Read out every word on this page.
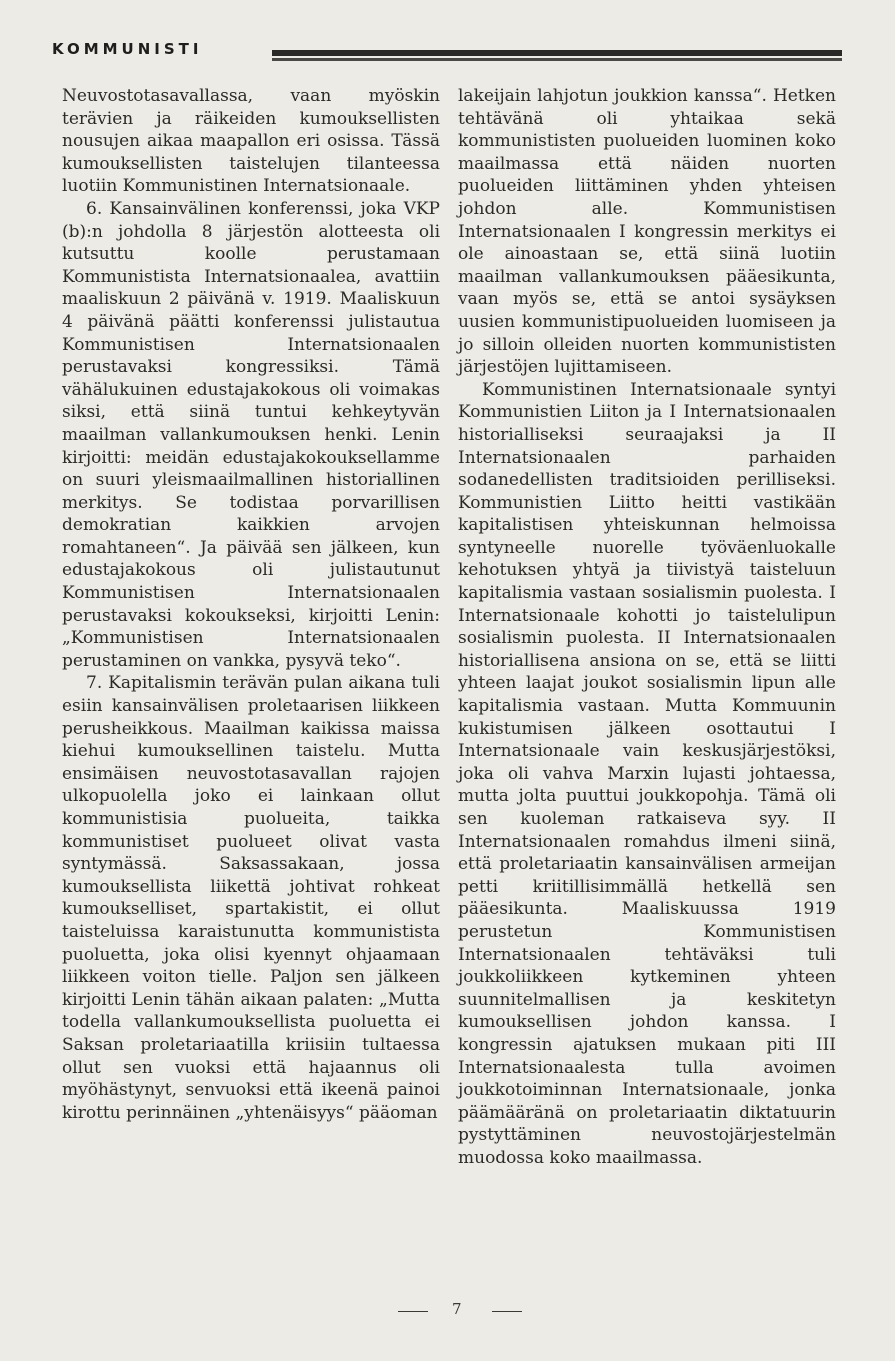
KOMMUNISTI

Neuvostotasavallassa, vaan myöskin terävien ja räikeiden kumouksellisten nousujen aikaa maapallon eri osissa. Tässä kumouksellisten taistelujen tilanteessa luotiin Kommunistinen Internatsionaale.

6. Kansainvälinen konferenssi, joka VKP (b):n johdolla 8 järjestön alotteesta oli kutsuttu koolle perustamaan Kommunistista Internatsionaalea, avattiin maaliskuun 2 päivänä v. 1919. Maaliskuun 4 päivänä päätti konferenssi julistautua Kommunistisen Internatsionaalen perustavaksi kongressiksi. Tämä vähälukuinen edustajakokous oli voimakas siksi, että siinä tuntui kehkeytyvän maailman vallankumouksen henki. Lenin kirjoitti: meidän edustajakokouksellamme on suuri yleismaailmallinen historiallinen merkitys. Se todistaa porvarillisen demokratian kaikkien arvojen romahtaneen“. Ja päivää sen jälkeen, kun edustajakokous oli julistautunut Kommunistisen Internatsionaalen perustavaksi kokoukseksi, kirjoitti Lenin: „Kommunistisen Internatsionaalen perustaminen on vankka, pysyvä teko“.

7. Kapitalismin terävän pulan aikana tuli esiin kansainvälisen proletaarisen liikkeen perusheikkous. Maailman kaikissa maissa kiehui kumouksellinen taistelu. Mutta ensimäisen neuvostotasavallan rajojen ulkopuolella joko ei lainkaan ollut kommunistisia puolueita, taikka kommunistiset puolueet olivat vasta syntymässä. Saksassakaan, jossa kumouksellista liikettä johtivat rohkeat kumoukselliset, spartakistit, ei ollut taisteluissa karaistunutta kommunistista puoluetta, joka olisi kyennyt ohjaamaan liikkeen voiton tielle. Paljon sen jälkeen kirjoitti Lenin tähän aikaan palaten: „Mutta todella vallankumouksellista puoluetta ei Saksan proletariaatilla kriisiin tultaessa ollut sen vuoksi että hajaannus oli myöhästynyt, senvuoksi että ikeenä painoi kirottu perinnäinen „yhtenäisyys“ pääoman

lakeijain lahjotun joukkion kanssa“. Hetken tehtävänä oli yhtaikaa sekä kommunististen puolueiden luominen koko maailmassa että näiden nuorten puolueiden liittäminen yhden yhteisen johdon alle. Kommunistisen Internatsionaalen I kongressin merkitys ei ole ainoastaan se, että siinä luotiin maailman vallankumouksen pääesikunta, vaan myös se, että se antoi sysäyksen uusien kommunistipuolueiden luomiseen ja jo silloin olleiden nuorten kommunististen järjestöjen lujittamiseen.

Kommunistinen Internatsionaale syntyi Kommunistien Liiton ja I Internatsionaalen historialliseksi seuraajaksi ja II Internatsionaalen parhaiden sodanedellisten traditsioiden perilliseksi. Kommunistien Liitto heitti vastikään kapitalistisen yhteiskunnan helmoissa syntyneelle nuorelle työväenluokalle kehotuksen yhtyä ja tiivistyä taisteluun kapitalismia vastaan sosialismin puolesta. I Internatsionaale kohotti jo taistelulipun sosialismin puolesta. II Internatsionaalen historiallisena ansiona on se, että se liitti yhteen laajat joukot sosialismin lipun alle kapitalismia vastaan. Mutta Kommuunin kukistumisen jälkeen osottautui I Internatsionaale vain keskusjärjestöksi, joka oli vahva Marxin lujasti johtaessa, mutta jolta puuttui joukkopohja. Tämä oli sen kuoleman ratkaiseva syy. II Internatsionaalen romahdus ilmeni siinä, että proletariaatin kansainvälisen armeijan petti kriitillisimmällä hetkellä sen pääesikunta. Maaliskuussa 1919 perustetun Kommunistisen Internatsionaalen tehtäväksi tuli joukkoliikkeen kytkeminen yhteen suunnitelmallisen ja keskitetyn kumouksellisen johdon kanssa. I kongressin ajatuksen mukaan piti III Internatsionaalesta tulla avoimen joukkotoiminnan Internatsionaale, jonka päämääränä on proletariaatin diktatuurin pystyttäminen neuvostojärjestelmän muodossa koko maailmassa.

7
